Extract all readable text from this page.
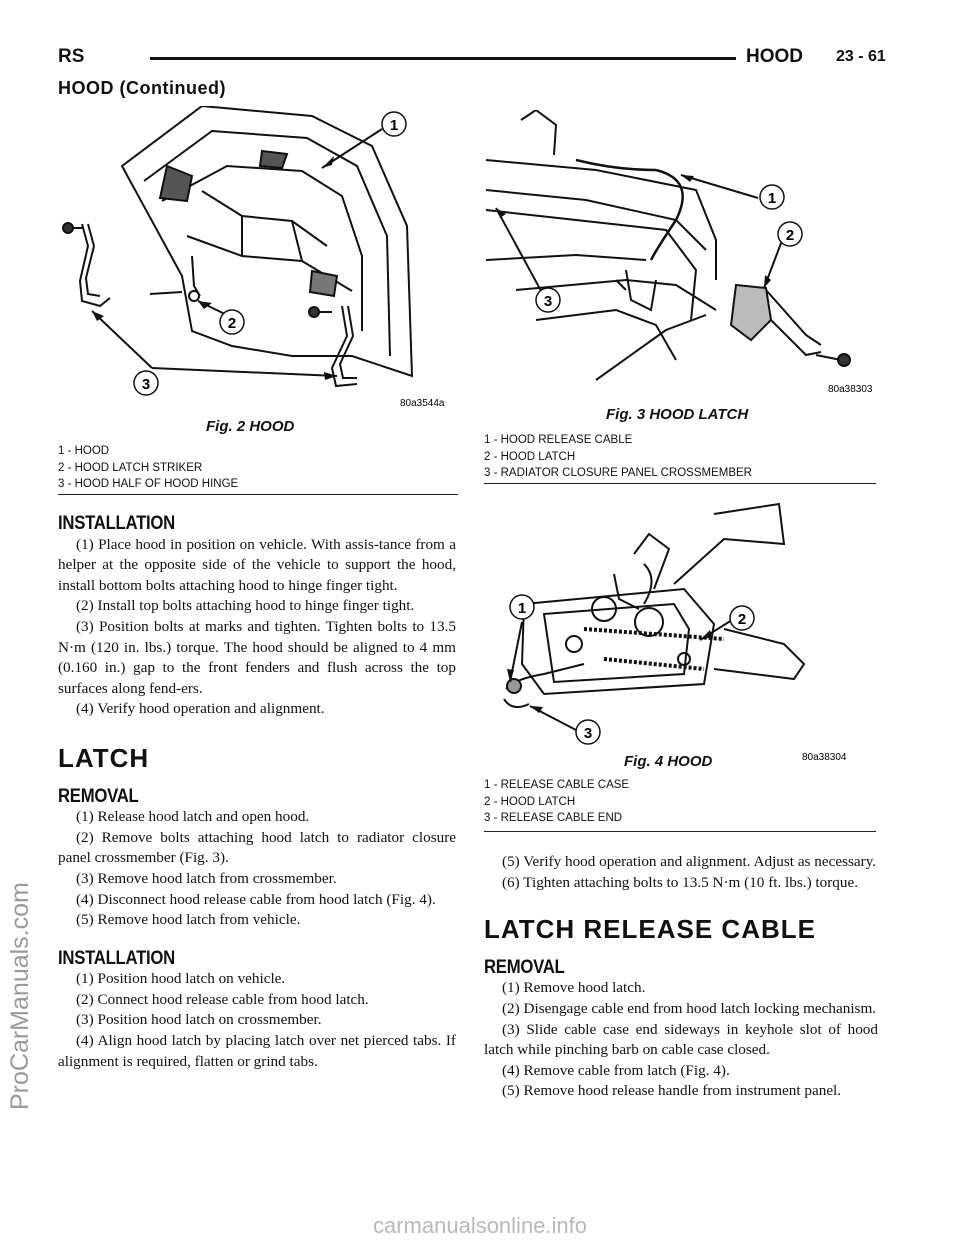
RS	HOOD 23 - 61
HOOD (Continued)
ProCarManuals.com
1
2
3
80a3544a
Fig. 2 HOOD
1 - HOOD
2 - HOOD LATCH STRIKER
3 - HOOD HALF OF HOOD HINGE
1
2
3
80a38303
Fig. 3 HOOD LATCH
1 - HOOD RELEASE CABLE
2 - HOOD LATCH
3 - RADIATOR CLOSURE PANEL CROSSMEMBER
1
2
3
80a38304
Fig. 4 HOOD
1 - RELEASE CABLE CASE
2 - HOOD LATCH
3 - RELEASE CABLE END
INSTALLATION

(1) Place hood in position on vehicle. With assis-tance from a helper at the opposite side of the vehicle to support the hood, install bottom bolts attaching hood to hinge finger tight.

(2) Install top bolts attaching hood to hinge finger tight.

(3) Position bolts at marks and tighten. Tighten bolts to 13.5 N·m (120 in. lbs.) torque. The hood should be aligned to 4 mm (0.160 in.) gap to the front fenders and flush across the top surfaces along fend-ers.

(4) Verify hood operation and alignment.

LATCH
REMOVAL

(1) Release hood latch and open hood.

(2) Remove bolts attaching hood latch to radiator closure panel crossmember (Fig. 3).

(3) Remove hood latch from crossmember.

(4) Disconnect hood release cable from hood latch (Fig. 4).

(5) Remove hood latch from vehicle.

INSTALLATION

(1) Position hood latch on vehicle.

(2) Connect hood release cable from hood latch.

(3) Position hood latch on crossmember.

(4) Align hood latch by placing latch over net pierced tabs. If alignment is required, flatten or grind tabs.

(5) Verify hood operation and alignment. Adjust as necessary.

(6) Tighten attaching bolts to 13.5 N·m (10 ft. lbs.) torque.

LATCH RELEASE CABLE
REMOVAL

(1) Remove hood latch.

(2) Disengage cable end from hood latch locking mechanism.

(3) Slide cable case end sideways in keyhole slot of hood latch while pinching barb on cable case closed.

(4) Remove cable from latch (Fig. 4).

(5) Remove hood release handle from instrument panel.

carmanualsonline.info
